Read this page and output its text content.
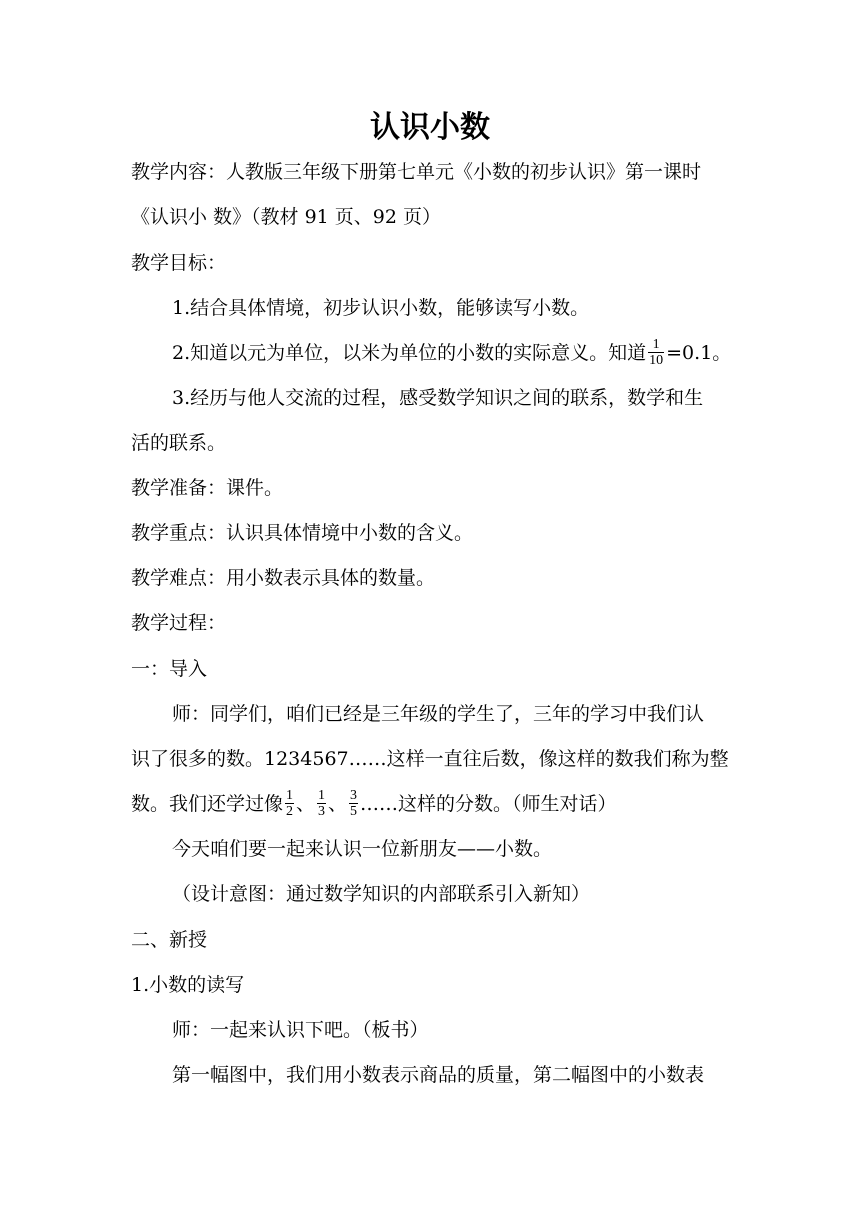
认识小数
教学内容：人教版三年级下册第七单元《小数的初步认识》第一课时
《认识小 数》（教材 91 页、92 页）
教学目标：
1.结合具体情境，初步认识小数，能够读写小数。
2.知道以元为单位，以米为单位的小数的实际意义。知道 $\frac{1}{10} =0.1$。
3.经历与他人交流的过程，感受数学知识之间的联系，数学和生
活的联系。
教学准备：课件。
教学重点：认识具体情境中小数的含义。
教学难点：用小数表示具体的数量。
教学过程：
一：导入
师：同学们，咱们已经是三年级的学生了，三年的学习中我们认
识了很多的数。1234567……这样一直往后数，像这样的数我们称为整
数。我们还学过像 $\frac{1}{2}$ 、 $\frac{1}{3}$ 、 $\frac{3}{5}$ ……这样的分数。（师生对话）
今天咱们要一起来认识一位新朋友——小数。
（设计意图：通过数学知识的内部联系引入新知）
二、新授
1.小数的读写
师：一起来认识下吧。（板书）
第一幅图中，我们用小数表示商品的质量，第二幅图中的小数表
